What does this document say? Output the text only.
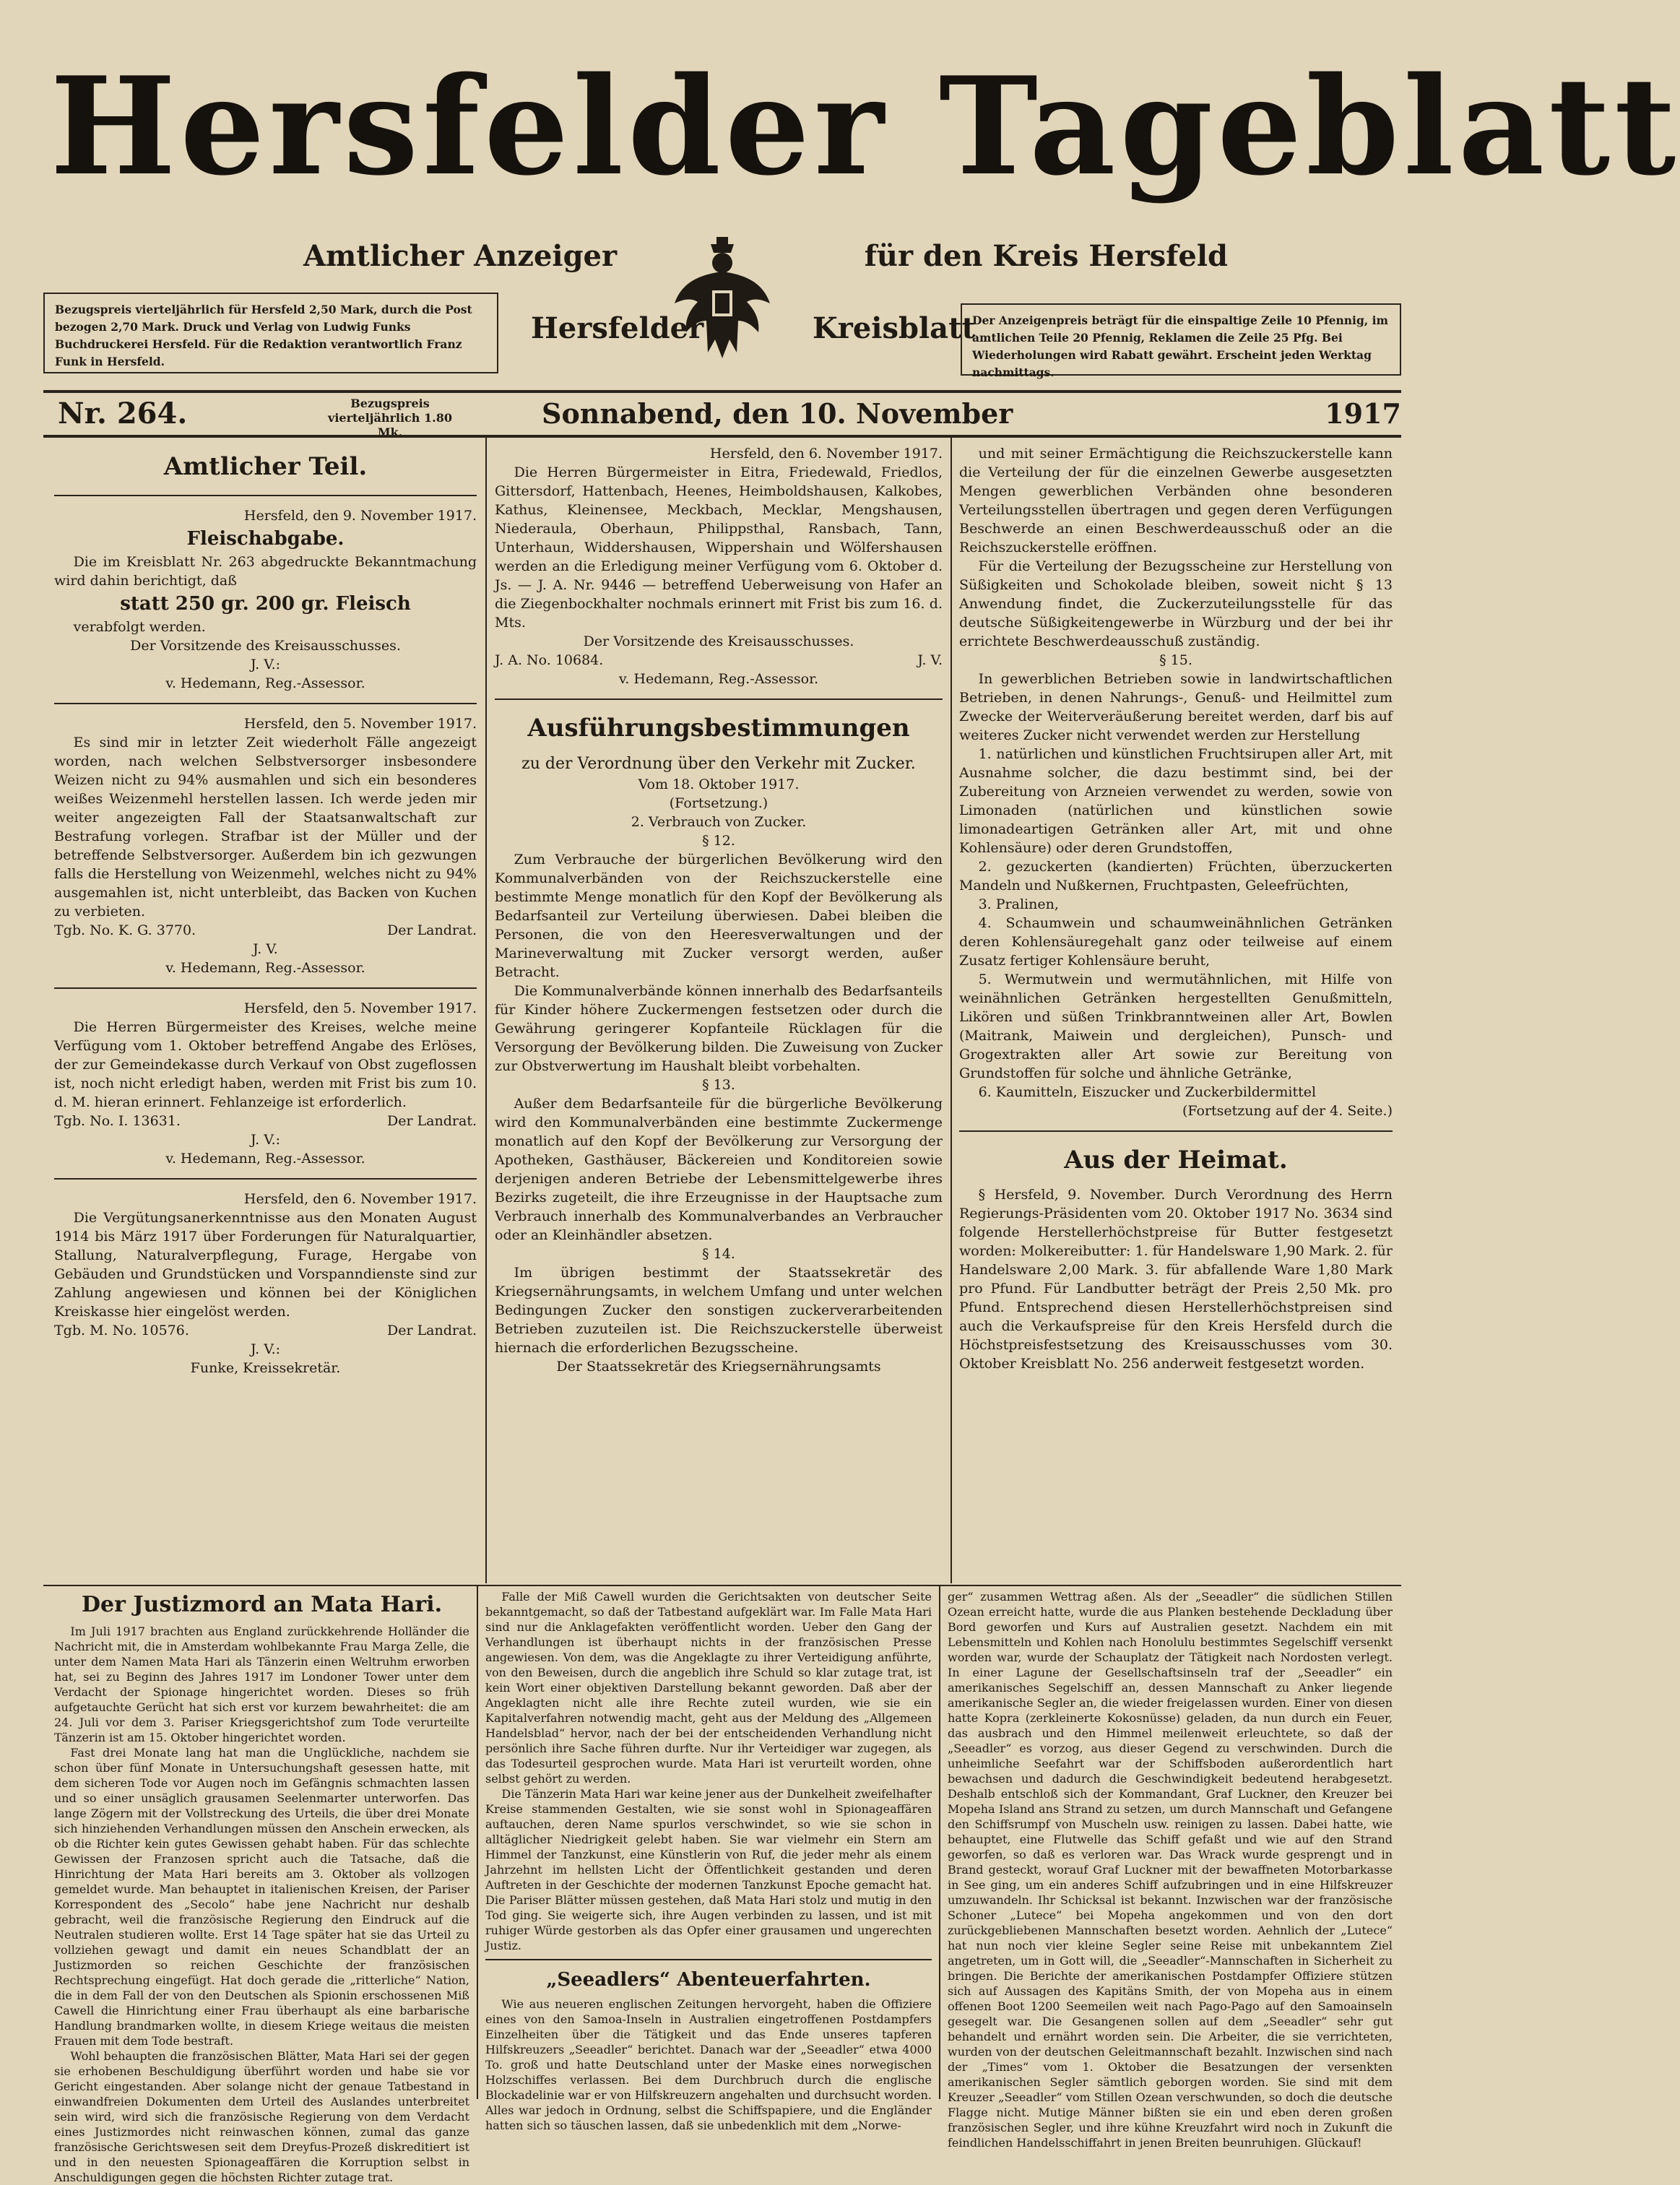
Hersfelder Tageblatt
Amtlicher Anzeiger	für den Kreis Hersfeld
Hersfelder	Kreisblatt
Bezugspreis vierteljährlich für Hersfeld 2,50 Mark, durch die Post bezogen 2,70 Mark. Druck und Verlag von Ludwig Funks Buchdruckerei Hersfeld. Für die Redaktion verantwortlich Franz Funk in Hersfeld.
Der Anzeigenpreis beträgt für die einspaltige Zeile 10 Pfennig, im amtlichen Teile 20 Pfennig, Reklamen die Zeile 25 Pfg. Bei Wiederholungen wird Rabatt gewährt. Erscheint jeden Werktag nachmittags.
Nr. 264.	Bezugspreis vierteljährlich 1.80 Mk.
Sonnabend, den 10. November	1917
Amtlicher Teil.

Hersfeld, den 9. November 1917.

Fleischabgabe.

Die im Kreisblatt Nr. 263 abgedruckte Bekanntmachung wird dahin berichtigt, daß

statt 250 gr. 200 gr. Fleisch

verabfolgt werden.

Der Vorsitzende des Kreisausschusses.

J. V.:

v. Hedemann, Reg.-Assessor.

Hersfeld, den 5. November 1917.

Es sind mir in letzter Zeit wiederholt Fälle angezeigt worden, nach welchen Selbstversorger insbesondere Weizen nicht zu 94% ausmahlen und sich ein besonderes weißes Weizenmehl herstellen lassen. Ich werde jeden mir weiter angezeigten Fall der Staatsanwaltschaft zur Bestrafung vorlegen. Strafbar ist der Müller und der betreffende Selbstversorger. Außerdem bin ich gezwungen falls die Herstellung von Weizenmehl, welches nicht zu 94% ausgemahlen ist, nicht unterbleibt, das Backen von Kuchen zu verbieten.

Tgb. No. K. G. 3770.	Der Landrat.

J. V.

v. Hedemann, Reg.-Assessor.

Hersfeld, den 5. November 1917.

Die Herren Bürgermeister des Kreises, welche meine Verfügung vom 1. Oktober betreffend Angabe des Erlöses, der zur Gemeindekasse durch Verkauf von Obst zugeflossen ist, noch nicht erledigt haben, werden mit Frist bis zum 10. d. M. hieran erinnert. Fehlanzeige ist erforderlich.

Tgb. No. I. 13631.	Der Landrat.

J. V.:

v. Hedemann, Reg.-Assessor.

Hersfeld, den 6. November 1917.

Die Vergütungsanerkenntnisse aus den Monaten August 1914 bis März 1917 über Forderungen für Naturalquartier, Stallung, Naturalverpflegung, Furage, Hergabe von Gebäuden und Grundstücken und Vorspanndienste sind zur Zahlung angewiesen und können bei der Königlichen Kreiskasse hier eingelöst werden.

Tgb. M. No. 10576.	Der Landrat.

J. V.:

Funke, Kreissekretär.

Hersfeld, den 6. November 1917.

Die Herren Bürgermeister in Eitra, Friedewald, Friedlos, Gittersdorf, Hattenbach, Heenes, Heimboldshausen, Kalkobes, Kathus, Kleinensee, Meckbach, Mecklar, Mengshausen, Niederaula, Oberhaun, Philippsthal, Ransbach, Tann, Unterhaun, Widdershausen, Wippershain und Wölfershausen werden an die Erledigung meiner Verfügung vom 6. Oktober d. Js. — J. A. Nr. 9446 — betreffend Ueberweisung von Hafer an die Ziegenbockhalter nochmals erinnert mit Frist bis zum 16. d. Mts.

Der Vorsitzende des Kreisausschusses.

J. A. No. 10684.	J. V.

v. Hedemann, Reg.-Assessor.

Ausführungsbestimmungen

zu der Verordnung über den Verkehr mit Zucker.

Vom 18. Oktober 1917.

(Fortsetzung.)

2. Verbrauch von Zucker.

§ 12.

Zum Verbrauche der bürgerlichen Bevölkerung wird den Kommunalverbänden von der Reichszuckerstelle eine bestimmte Menge monatlich für den Kopf der Bevölkerung als Bedarfsanteil zur Verteilung überwiesen. Dabei bleiben die Personen, die von den Heeresverwaltungen und der Marineverwaltung mit Zucker versorgt werden, außer Betracht.

Die Kommunalverbände können innerhalb des Bedarfsanteils für Kinder höhere Zuckermengen festsetzen oder durch die Gewährung geringerer Kopfanteile Rücklagen für die Versorgung der Bevölkerung bilden. Die Zuweisung von Zucker zur Obstverwertung im Haushalt bleibt vorbehalten.

§ 13.

Außer dem Bedarfsanteile für die bürgerliche Bevölkerung wird den Kommunalverbänden eine bestimmte Zuckermenge monatlich auf den Kopf der Bevölkerung zur Versorgung der Apotheken, Gasthäuser, Bäckereien und Konditoreien sowie derjenigen anderen Betriebe der Lebensmittelgewerbe ihres Bezirks zugeteilt, die ihre Erzeugnisse in der Hauptsache zum Verbrauch innerhalb des Kommunalverbandes an Verbraucher oder an Kleinhändler absetzen.

§ 14.

Im übrigen bestimmt der Staatssekretär des Kriegsernährungsamts, in welchem Umfang und unter welchen Bedingungen Zucker den sonstigen zuckerverarbeitenden Betrieben zuzuteilen ist. Die Reichszuckerstelle überweist hiernach die erforderlichen Bezugsscheine.

Der Staatssekretär des Kriegsernährungsamts

und mit seiner Ermächtigung die Reichszuckerstelle kann die Verteilung der für die einzelnen Gewerbe ausgesetzten Mengen gewerblichen Verbänden ohne besonderen Verteilungsstellen übertragen und gegen deren Verfügungen Beschwerde an einen Beschwerdeausschuß oder an die Reichszuckerstelle eröffnen.

Für die Verteilung der Bezugsscheine zur Herstellung von Süßigkeiten und Schokolade bleiben, soweit nicht § 13 Anwendung findet, die Zuckerzuteilungsstelle für das deutsche Süßigkeitengewerbe in Würzburg und der bei ihr errichtete Beschwerdeausschuß zuständig.

§ 15.

In gewerblichen Betrieben sowie in landwirtschaftlichen Betrieben, in denen Nahrungs-, Genuß- und Heilmittel zum Zwecke der Weiterveräußerung bereitet werden, darf bis auf weiteres Zucker nicht verwendet werden zur Herstellung

1. natürlichen und künstlichen Fruchtsirupen aller Art, mit Ausnahme solcher, die dazu bestimmt sind, bei der Zubereitung von Arzneien verwendet zu werden, sowie von Limonaden (natürlichen und künstlichen sowie limonadeartigen Getränken aller Art, mit und ohne Kohlensäure) oder deren Grundstoffen,

2. gezuckerten (kandierten) Früchten, überzuckerten Mandeln und Nußkernen, Fruchtpasten, Geleefrüchten,

3. Pralinen,

4. Schaumwein und schaumweinähnlichen Getränken deren Kohlensäuregehalt ganz oder teilweise auf einem Zusatz fertiger Kohlensäure beruht,

5. Wermutwein und wermutähnlichen, mit Hilfe von weinähnlichen Getränken hergestellten Genußmitteln, Likören und süßen Trinkbranntweinen aller Art, Bowlen (Maitrank, Maiwein und dergleichen), Punsch- und Grogextrakten aller Art sowie zur Bereitung von Grundstoffen für solche und ähnliche Getränke,

6. Kaumitteln, Eiszucker und Zuckerbildermittel

(Fortsetzung auf der 4. Seite.)

Aus der Heimat.

§ Hersfeld, 9. November. Durch Verordnung des Herrn Regierungs-Präsidenten vom 20. Oktober 1917 No. 3634 sind folgende Herstellerhöchstpreise für Butter festgesetzt worden: Molkereibutter: 1. für Handelsware 1,90 Mark. 2. für Handelsware 2,00 Mark. 3. für abfallende Ware 1,80 Mark pro Pfund. Für Landbutter beträgt der Preis 2,50 Mk. pro Pfund. Entsprechend diesen Herstellerhöchstpreisen sind auch die Verkaufspreise für den Kreis Hersfeld durch die Höchstpreisfestsetzung des Kreisausschusses vom 30. Oktober Kreisblatt No. 256 anderweit festgesetzt worden.

Der Justizmord an Mata Hari.

Im Juli 1917 brachten aus England zurückkehrende Holländer die Nachricht mit, die in Amsterdam wohlbekannte Frau Marga Zelle, die unter dem Namen Mata Hari als Tänzerin einen Weltruhm erworben hat, sei zu Beginn des Jahres 1917 im Londoner Tower unter dem Verdacht der Spionage hingerichtet worden. Dieses so früh aufgetauchte Gerücht hat sich erst vor kurzem bewahrheitet: die am 24. Juli vor dem 3. Pariser Kriegsgerichtshof zum Tode verurteilte Tänzerin ist am 15. Oktober hingerichtet worden.

Fast drei Monate lang hat man die Unglückliche, nachdem sie schon über fünf Monate in Untersuchungshaft gesessen hatte, mit dem sicheren Tode vor Augen noch im Gefängnis schmachten lassen und so einer unsäglich grausamen Seelenmarter unterworfen. Das lange Zögern mit der Vollstreckung des Urteils, die über drei Monate sich hinziehenden Verhandlungen müssen den Anschein erwecken, als ob die Richter kein gutes Gewissen gehabt haben. Für das schlechte Gewissen der Franzosen spricht auch die Tatsache, daß die Hinrichtung der Mata Hari bereits am 3. Oktober als vollzogen gemeldet wurde. Man behauptet in italienischen Kreisen, der Pariser Korrespondent des „Secolo“ habe jene Nachricht nur deshalb gebracht, weil die französische Regierung den Eindruck auf die Neutralen studieren wollte. Erst 14 Tage später hat sie das Urteil zu vollziehen gewagt und damit ein neues Schandblatt der an Justizmorden so reichen Geschichte der französischen Rechtsprechung eingefügt. Hat doch gerade die „ritterliche“ Nation, die in dem Fall der von den Deutschen als Spionin erschossenen Miß Cawell die Hinrichtung einer Frau überhaupt als eine barbarische Handlung brandmarken wollte, in diesem Kriege weitaus die meisten Frauen mit dem Tode bestraft.

Wohl behaupten die französischen Blätter, Mata Hari sei der gegen sie erhobenen Beschuldigung überführt worden und habe sie vor Gericht eingestanden. Aber solange nicht der genaue Tatbestand in einwandfreien Dokumenten dem Urteil des Auslandes unterbreitet sein wird, wird sich die französische Regierung von dem Verdacht eines Justizmordes nicht reinwaschen können, zumal das ganze französische Gerichtswesen seit dem Dreyfus-Prozeß diskreditiert ist und in den neuesten Spionageaffären die Korruption selbst in Anschuldigungen gegen die höchsten Richter zutage trat.

Falle der Miß Cawell wurden die Gerichtsakten von deutscher Seite bekanntgemacht, so daß der Tatbestand aufgeklärt war. Im Falle Mata Hari sind nur die Anklagefakten veröffentlicht worden. Ueber den Gang der Verhandlungen ist überhaupt nichts in der französischen Presse angewiesen. Von dem, was die Angeklagte zu ihrer Verteidigung anführte, von den Beweisen, durch die angeblich ihre Schuld so klar zutage trat, ist kein Wort einer objektiven Darstellung bekannt geworden. Daß aber der Angeklagten nicht alle ihre Rechte zuteil wurden, wie sie ein Kapitalverfahren notwendig macht, geht aus der Meldung des „Allgemeen Handelsblad“ hervor, nach der bei der entscheidenden Verhandlung nicht persönlich ihre Sache führen durfte. Nur ihr Verteidiger war zugegen, als das Todesurteil gesprochen wurde. Mata Hari ist verurteilt worden, ohne selbst gehört zu werden.

Die Tänzerin Mata Hari war keine jener aus der Dunkelheit zweifelhafter Kreise stammenden Gestalten, wie sie sonst wohl in Spionageaffären auftauchen, deren Name spurlos verschwindet, so wie sie schon in alltäglicher Niedrigkeit gelebt haben. Sie war vielmehr ein Stern am Himmel der Tanzkunst, eine Künstlerin von Ruf, die jeder mehr als einem Jahrzehnt im hellsten Licht der Öffentlichkeit gestanden und deren Auftreten in der Geschichte der modernen Tanzkunst Epoche gemacht hat. Die Pariser Blätter müssen gestehen, daß Mata Hari stolz und mutig in den Tod ging. Sie weigerte sich, ihre Augen verbinden zu lassen, und ist mit ruhiger Würde gestorben als das Opfer einer grausamen und ungerechten Justiz.

„Seeadlers“ Abenteuerfahrten.

Wie aus neueren englischen Zeitungen hervorgeht, haben die Offiziere eines von den Samoa-Inseln in Australien eingetroffenen Postdampfers Einzelheiten über die Tätigkeit und das Ende unseres tapferen Hilfskreuzers „Seeadler“ berichtet. Danach war der „Seeadler“ etwa 4000 To. groß und hatte Deutschland unter der Maske eines norwegischen Holzschiffes verlassen. Bei dem Durchbruch durch die englische Blockadelinie war er von Hilfskreuzern angehalten und durchsucht worden. Alles war jedoch in Ordnung, selbst die Schiffspapiere, und die Engländer hatten sich so täuschen lassen, daß sie unbedenklich mit dem „Norwe-

ger“ zusammen Wettrag aßen. Als der „Seeadler“ die südlichen Stillen Ozean erreicht hatte, wurde die aus Planken bestehende Deckladung über Bord geworfen und Kurs auf Australien gesetzt. Nachdem ein mit Lebensmitteln und Kohlen nach Honolulu bestimmtes Segelschiff versenkt worden war, wurde der Schauplatz der Tätigkeit nach Nordosten verlegt. In einer Lagune der Gesellschaftsinseln traf der „Seeadler“ ein amerikanisches Segelschiff an, dessen Mannschaft zu Anker liegende amerikanische Segler an, die wieder freigelassen wurden. Einer von diesen hatte Kopra (zerkleinerte Kokosnüsse) geladen, da nun durch ein Feuer, das ausbrach und den Himmel meilenweit erleuchtete, so daß der „Seeadler“ es vorzog, aus dieser Gegend zu verschwinden. Durch die unheimliche Seefahrt war der Schiffsboden außerordentlich hart bewachsen und dadurch die Geschwindigkeit bedeutend herabgesetzt. Deshalb entschloß sich der Kommandant, Graf Luckner, den Kreuzer bei Mopeha Island ans Strand zu setzen, um durch Mannschaft und Gefangene den Schiffsrumpf von Muscheln usw. reinigen zu lassen. Dabei hatte, wie behauptet, eine Flutwelle das Schiff gefaßt und wie auf den Strand geworfen, so daß es verloren war. Das Wrack wurde gesprengt und in Brand gesteckt, worauf Graf Luckner mit der bewaffneten Motorbarkasse in See ging, um ein anderes Schiff aufzubringen und in eine Hilfskreuzer umzuwandeln. Ihr Schicksal ist bekannt. Inzwischen war der französische Schoner „Lutece“ bei Mopeha angekommen und von den dort zurückgebliebenen Mannschaften besetzt worden. Aehnlich der „Lutece“ hat nun noch vier kleine Segler seine Reise mit unbekanntem Ziel angetreten, um in Gott will, die „Seeadler“-Mannschaften in Sicherheit zu bringen. Die Berichte der amerikanischen Postdampfer Offiziere stützen sich auf Aussagen des Kapitäns Smith, der von Mopeha aus in einem offenen Boot 1200 Seemeilen weit nach Pago-Pago auf den Samoainseln gesegelt war. Die Gesangenen sollen auf dem „Seeadler“ sehr gut behandelt und ernährt worden sein. Die Arbeiter, die sie verrichteten, wurden von der deutschen Geleitmannschaft bezahlt. Inzwischen sind nach der „Times“ vom 1. Oktober die Besatzungen der versenkten amerikanischen Segler sämtlich geborgen worden. Sie sind mit dem Kreuzer „Seeadler“ vom Stillen Ozean verschwunden, so doch die deutsche Flagge nicht. Mutige Männer bißten sie ein und eben deren großen französischen Segler, und ihre kühne Kreuzfahrt wird noch in Zukunft die feindlichen Handelsschiffahrt in jenen Breiten beunruhigen. Glückauf!
